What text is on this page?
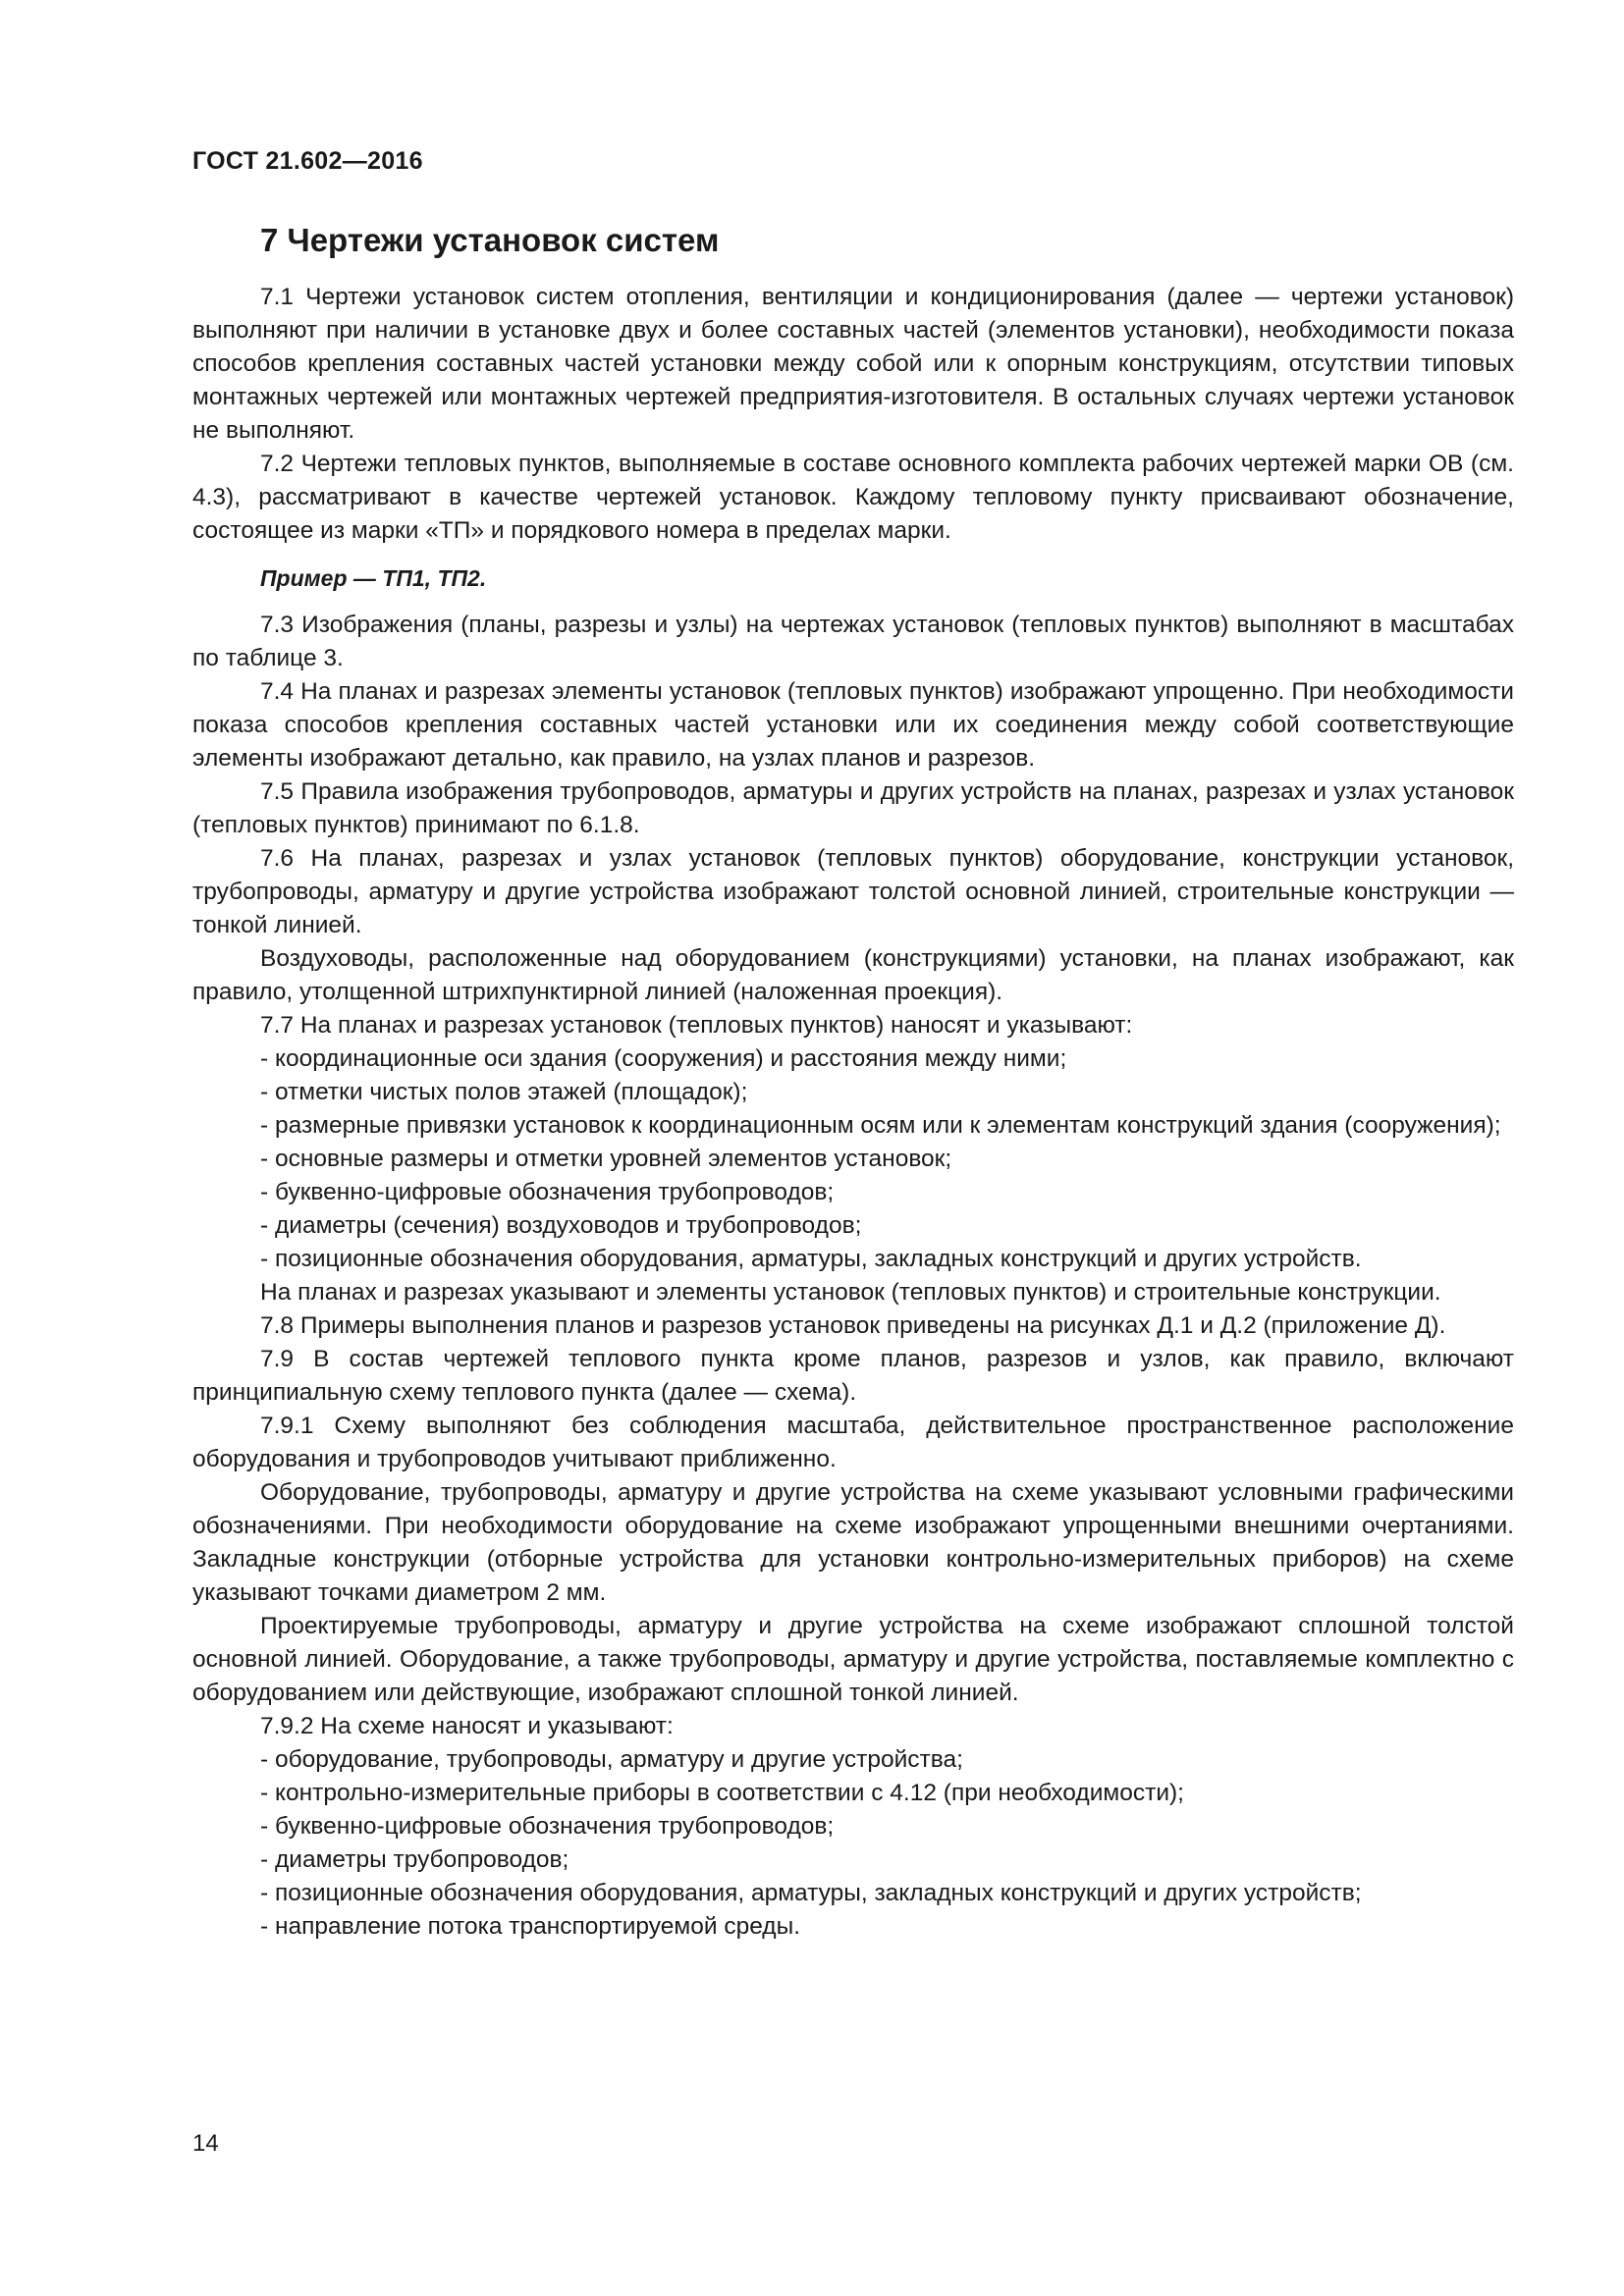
ГОСТ 21.602—2016
7 Чертежи установок систем

7.1 Чертежи установок систем отопления, вентиляции и кондиционирования (далее — чертежи установок) выполняют при наличии в установке двух и более составных частей (элементов установки), необходимости показа способов крепления составных частей установки между собой или к опорным конструкциям, отсутствии типовых монтажных чертежей или монтажных чертежей предприятия-изготовителя. В остальных случаях чертежи установок не выполняют.

7.2 Чертежи тепловых пунктов, выполняемые в составе основного комплекта рабочих чертежей марки ОВ (см. 4.3), рассматривают в качестве чертежей установок. Каждому тепловому пункту присваивают обозначение, состоящее из марки «ТП» и порядкового номера в пределах марки.

Пример — ТП1, ТП2.

7.3 Изображения (планы, разрезы и узлы) на чертежах установок (тепловых пунктов) выполняют в масштабах по таблице 3.

7.4 На планах и разрезах элементы установок (тепловых пунктов) изображают упрощенно. При необходимости показа способов крепления составных частей установки или их соединения между собой соответствующие элементы изображают детально, как правило, на узлах планов и разрезов.

7.5 Правила изображения трубопроводов, арматуры и других устройств на планах, разрезах и узлах установок (тепловых пунктов) принимают по 6.1.8.

7.6 На планах, разрезах и узлах установок (тепловых пунктов) оборудование, конструкции установок, трубопроводы, арматуру и другие устройства изображают толстой основной линией, строительные конструкции — тонкой линией.

Воздуховоды, расположенные над оборудованием (конструкциями) установки, на планах изображают, как правило, утолщенной штрихпунктирной линией (наложенная проекция).

7.7 На планах и разрезах установок (тепловых пунктов) наносят и указывают:

- координационные оси здания (сооружения) и расстояния между ними;

- отметки чистых полов этажей (площадок);

- размерные привязки установок к координационным осям или к элементам конструкций здания (сооружения);

- основные размеры и отметки уровней элементов установок;

- буквенно-цифровые обозначения трубопроводов;

- диаметры (сечения) воздуховодов и трубопроводов;

- позиционные обозначения оборудования, арматуры, закладных конструкций и других устройств.

На планах и разрезах указывают и элементы установок (тепловых пунктов) и строительные конструкции.

7.8 Примеры выполнения планов и разрезов установок приведены на рисунках Д.1 и Д.2 (приложение Д).

7.9 В состав чертежей теплового пункта кроме планов, разрезов и узлов, как правило, включают принципиальную схему теплового пункта (далее — схема).

7.9.1 Схему выполняют без соблюдения масштаба, действительное пространственное расположение оборудования и трубопроводов учитывают приближенно.

Оборудование, трубопроводы, арматуру и другие устройства на схеме указывают условными графическими обозначениями. При необходимости оборудование на схеме изображают упрощенными внешними очертаниями. Закладные конструкции (отборные устройства для установки контрольно-измерительных приборов) на схеме указывают точками диаметром 2 мм.

Проектируемые трубопроводы, арматуру и другие устройства на схеме изображают сплошной толстой основной линией. Оборудование, а также трубопроводы, арматуру и другие устройства, поставляемые комплектно с оборудованием или действующие, изображают сплошной тонкой линией.

7.9.2 На схеме наносят и указывают:

- оборудование, трубопроводы, арматуру и другие устройства;

- контрольно-измерительные приборы в соответствии с 4.12 (при необходимости);

- буквенно-цифровые обозначения трубопроводов;

- диаметры трубопроводов;

- позиционные обозначения оборудования, арматуры, закладных конструкций и других устройств;

- направление потока транспортируемой среды.

14
